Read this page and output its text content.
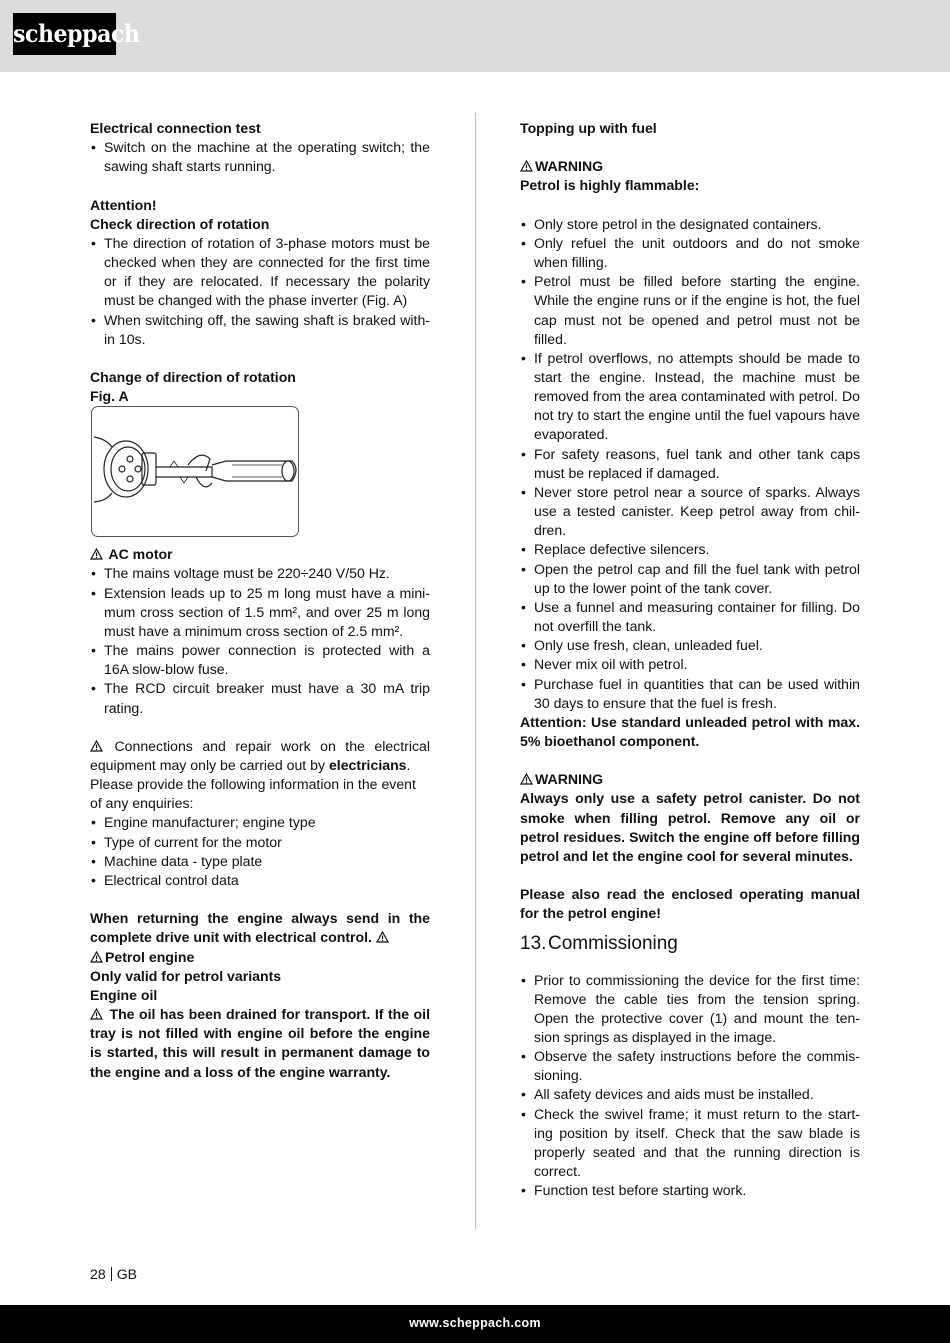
scheppach

Electrical connection test

• Switch on the machine at the operating switch; the sawing shaft starts running.

Attention!

Check direction of rotation

• The direction of rotation of 3-phase motors must be checked when they are connected for the first time or if they are relocated. If necessary the polarity must be changed with the phase inverter (Fig. A)
• When switching off, the sawing shaft is braked with-in 10s.

Change of direction of rotation

Fig. A

AC motor

• The mains voltage must be 220÷240 V/50 Hz.
• Extension leads up to 25 m long must have a mini-mum cross section of 1.5 mm², and over 25 m long must have a minimum cross section of 2.5 mm².
• The mains power connection is protected with a 16A slow-blow fuse.
• The RCD circuit breaker must have a 30 mA trip rating.

Connections and repair work on the electrical equipment may only be carried out by electricians.

Please provide the following information in the event of any enquiries:

• Engine manufacturer; engine type
• Type of current for the motor
• Machine data - type plate
• Electrical control data

When returning the engine always send in the complete drive unit with electrical control.

Petrol engine

Only valid for petrol variants

Engine oil

The oil has been drained for transport. If the oil tray is not filled with engine oil before the engine is started, this will result in permanent damage to the engine and a loss of the engine warranty.

Topping up with fuel

WARNING

Petrol is highly flammable:

• Only store petrol in the designated containers.
• Only refuel the unit outdoors and do not smoke when filling.
• Petrol must be filled before starting the engine. While the engine runs or if the engine is hot, the fuel cap must not be opened and petrol must not be filled.
• If petrol overflows, no attempts should be made to start the engine. Instead, the machine must be removed from the area contaminated with petrol. Do not try to start the engine until the fuel vapours have evaporated.
• For safety reasons, fuel tank and other tank caps must be replaced if damaged.
• Never store petrol near a source of sparks. Always use a tested canister. Keep petrol away from chil-dren.
• Replace defective silencers.
• Open the petrol cap and fill the fuel tank with petrol up to the lower point of the tank cover.
• Use a funnel and measuring container for filling. Do not overfill the tank.
• Only use fresh, clean, unleaded fuel.
• Never mix oil with petrol.
• Purchase fuel in quantities that can be used within 30 days to ensure that the fuel is fresh.

Attention: Use standard unleaded petrol with max. 5% bioethanol component.

WARNING

Always only use a safety petrol canister. Do not smoke when filling petrol. Remove any oil or petrol residues. Switch the engine off before filling petrol and let the engine cool for several minutes.

Please also read the enclosed operating manual for the petrol engine!

13.Commissioning
• Prior to commissioning the device for the first time: Remove the cable ties from the tension spring. Open the protective cover (1) and mount the ten-sion springs as displayed in the image.
• Observe the safety instructions before the commis-sioning.
• All safety devices and aids must be installed.
• Check the swivel frame; it must return to the start-ing position by itself. Check that the saw blade is properly seated and that the running direction is correct.
• Function test before starting work.
28 GB
www.scheppach.com
